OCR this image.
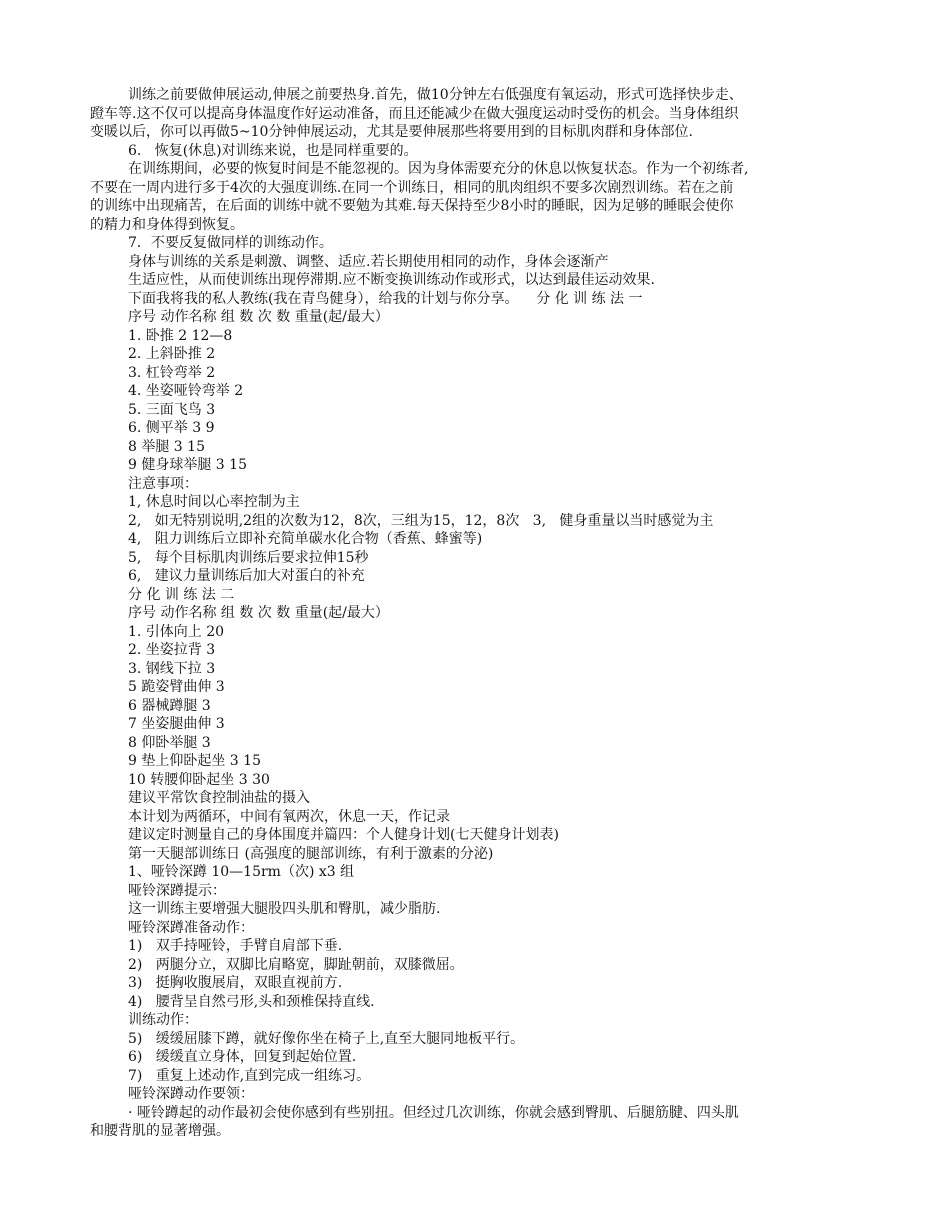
训练之前要做伸展运动,伸展之前要热身.首先，做10分钟左右低强度有氧运动，形式可选择快步走、
蹬车等.这不仅可以提高身体温度作好运动准备，而且还能减少在做大强度运动时受伤的机会。当身体组织
变暖以后，你可以再做5~10分钟伸展运动，尤其是要伸展那些将要用到的目标肌肉群和身体部位.
6.   恢复(休息)对训练来说，也是同样重要的。
在训练期间，必要的恢复时间是不能忽视的。因为身体需要充分的休息以恢复状态。作为一个初练者,
不要在一周内进行多于4次的大强度训练.在同一个训练日，相同的肌肉组织不要多次剧烈训练。若在之前
的训练中出现痛苦，在后面的训练中就不要勉为其难.每天保持至少8小时的睡眠，因为足够的睡眠会使你
的精力和身体得到恢复。
7．不要反复做同样的训练动作。
身体与训练的关系是刺激、调整、适应.若长期使用相同的动作，身体会逐渐产
生适应性，从而使训练出现停滞期.应不断变换训练动作或形式，以达到最佳运动效果.
下面我将我的私人教练(我在青鸟健身），给我的计划与你分享。    分 化 训 练 法 一
序号 动作名称 组 数 次 数 重量(起/最大）
1. 卧推 2 12—8
2. 上斜卧推 2
3. 杠铃弯举 2
4. 坐姿哑铃弯举 2
5. 三面飞鸟 3
6. 侧平举 3 9
8 举腿 3 15
9 健身球举腿 3 15
注意事项：
1, 休息时间以心率控制为主
2,   如无特别说明,2组的次数为12，8次，三组为15，12，8次   3,   健身重量以当时感觉为主
4,   阻力训练后立即补充简单碳水化合物（香蕉、蜂蜜等)
5,   每个目标肌肉训练后要求拉伸15秒
6,   建议力量训练后加大对蛋白的补充
分 化 训 练 法 二
序号 动作名称 组 数 次 数 重量(起/最大）
1. 引体向上 20
2. 坐姿拉背 3
3. 钢线下拉 3
5 跪姿臂曲伸 3
6 器械蹲腿 3
7 坐姿腿曲伸 3
8 仰卧举腿 3
9 垫上仰卧起坐 3 15
10 转腰仰卧起坐 3 30
建议平常饮食控制油盐的摄入
本计划为两循环，中间有氧两次，休息一天，作记录
建议定时测量自己的身体围度并篇四：个人健身计划(七天健身计划表)
第一天腿部训练日 (高强度的腿部训练，有利于激素的分泌)
1、哑铃深蹲 10—15rm（次) x3 组
哑铃深蹲提示：
这一训练主要增强大腿股四头肌和臀肌，减少脂肪.
哑铃深蹲准备动作：
1)   双手持哑铃，手臂自肩部下垂.
2)   两腿分立，双脚比肩略宽，脚趾朝前，双膝微屈。
3)   挺胸收腹展肩，双眼直视前方.
4)   腰背呈自然弓形,头和颈椎保持直线.
训练动作：
5)   缓缓屈膝下蹲，就好像你坐在椅子上,直至大腿同地板平行。
6)   缓缓直立身体，回复到起始位置.
7)   重复上述动作,直到完成一组练习。
哑铃深蹲动作要领：
· 哑铃蹲起的动作最初会使你感到有些别扭。但经过几次训练，你就会感到臀肌、后腿筋腱、四头肌
和腰背肌的显著增强。
